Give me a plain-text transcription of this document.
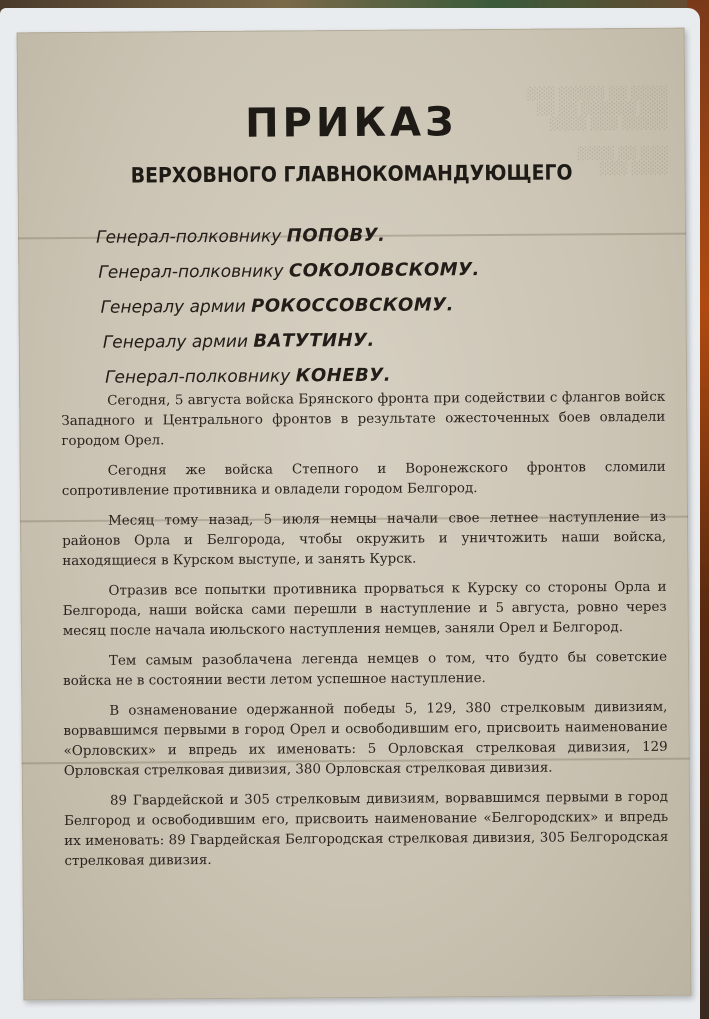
░░░░ ░░ ░░░░░ ░░░
░░░ ░░░░░░ ░░ ░░
░░░░░ ░░░ ░░░░

░░░ ░░ ░░░░
░░░░ ░░░
ПРИКАЗ
ВЕРХОВНОГО ГЛАВНОКОМАНДУЮЩЕГО
Генерал-полковнику ПОПОВУ.
Генерал-полковнику СОКОЛОВСКОМУ.
Генералу армии РОКОССОВСКОМУ.
Генералу армии ВАТУТИНУ.
Генерал-полковнику КОНЕВУ.

Сегодня, 5 августа войска Брянского фронта при содействии с флангов войск Западного и Центрального фронтов в результате ожесточенных боев овладели городом Орел.

Сегодня же войска Степного и Воронежского фронтов сломили сопротивление противника и овладели городом Белгород.

Месяц тому назад, 5 июля немцы начали свое летнее наступление из районов Орла и Белгорода, чтобы окружить и уничтожить наши войска, находящиеся в Курском выступе, и занять Курск.

Отразив все попытки противника прорваться к Курску со стороны Орла и Белгорода, наши войска сами перешли в наступление и 5 августа, ровно через месяц после начала июльского наступления немцев, заняли Орел и Белгород.

Тем самым разоблачена легенда немцев о том, что будто бы советские войска не в состоянии вести летом успешное наступление.

В ознаменование одержанной победы 5, 129, 380 стрелковым дивизиям, ворвавшимся первыми в город Орел и освободившим его, присвоить наименование «Орловских» и впредь их именовать: 5 Орловская стрелковая дивизия, 129 Орловская стрелковая дивизия, 380 Орловская стрелковая дивизия.

89 Гвардейской и 305 стрелковым дивизиям, ворвавшимся первыми в город Белгород и освободившим его, присвоить наименование «Белгородских» и впредь их именовать: 89 Гвардейская Белгородская стрелковая дивизия, 305 Белгородская стрелковая дивизия.
